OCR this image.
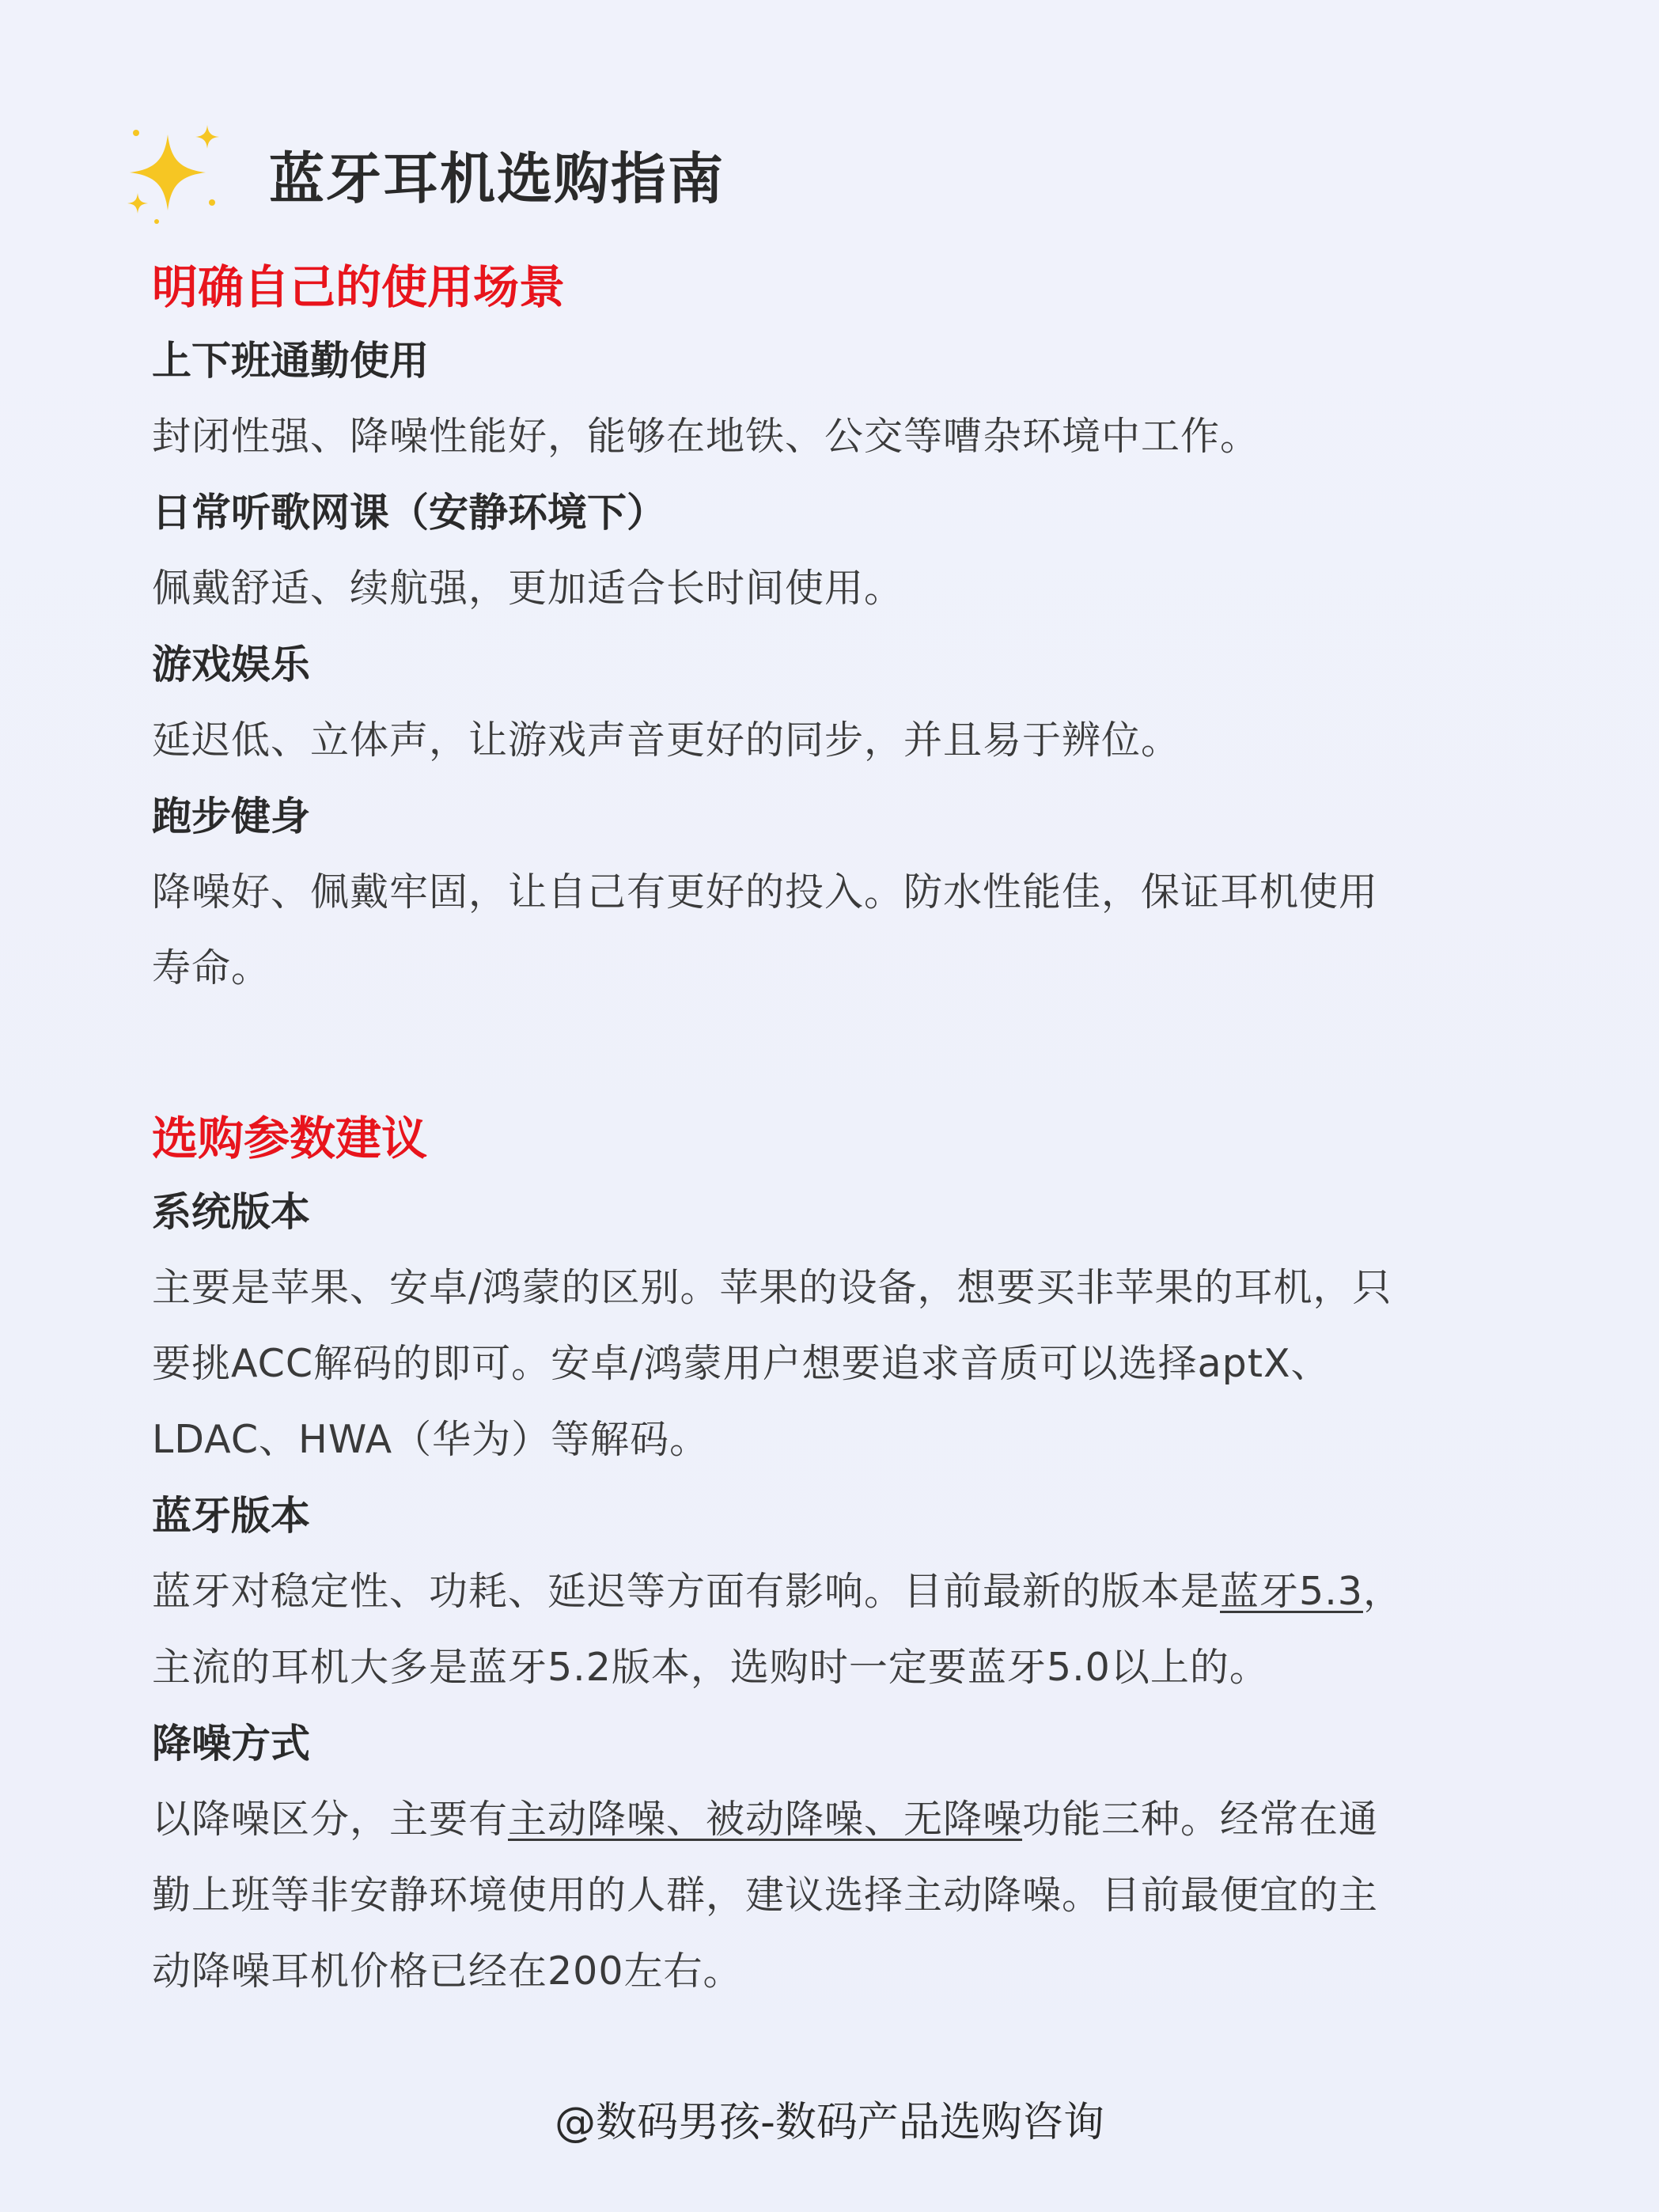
蓝牙耳机选购指南

明确自己的使用场景

上下班通勤使用

封闭性强、降噪性能好，能够在地铁、公交等嘈杂环境中工作。

日常听歌网课（安静环境下）

佩戴舒适、续航强，更加适合长时间使用。

游戏娱乐

延迟低、立体声，让游戏声音更好的同步，并且易于辨位。

跑步健身

降噪好、佩戴牢固，让自己有更好的投入。防水性能佳，保证耳机使用

寿命。

选购参数建议

系统版本

主要是苹果、安卓/鸿蒙的区别。苹果的设备，想要买非苹果的耳机，只

要挑ACC解码的即可。安卓/鸿蒙用户想要追求音质可以选择aptX、

LDAC、HWA（华为）等解码。

蓝牙版本

蓝牙对稳定性、功耗、延迟等方面有影响。目前最新的版本是蓝牙5.3，

主流的耳机大多是蓝牙5.2版本，选购时一定要蓝牙5.0以上的。

降噪方式

以降噪区分，主要有主动降噪、被动降噪、无降噪功能三种。经常在通

勤上班等非安静环境使用的人群，建议选择主动降噪。目前最便宜的主

动降噪耳机价格已经在200左右。

@数码男孩-数码产品选购咨询
